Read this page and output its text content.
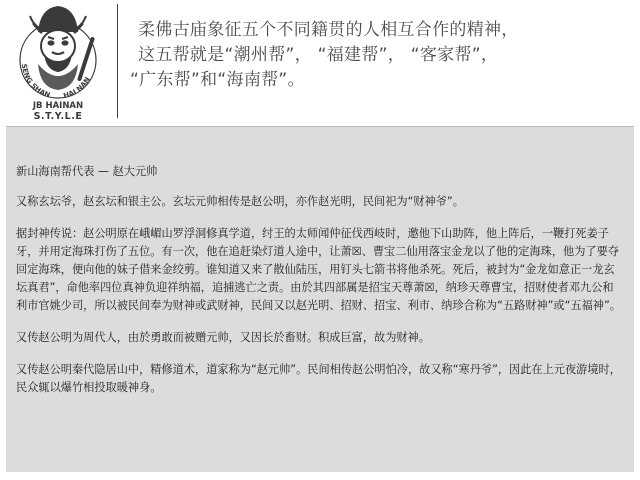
SENG SHAN HAI NAN
JB HAINAN
S.T.Y.L.E

柔佛古庙象征五个不同籍贯的人相互合作的精神，

这五帮就是“潮州帮”， “福建帮”， “客家帮”，

“广东帮”和“海南帮”。

新山海南帮代表 — 赵大元帅

又称玄坛爷，赵玄坛和银主公。玄坛元帅相传是赵公明，亦作赵光明，民间祀为“财神爷”。

据封神传说：赵公明原在峨嵋山罗浮洞修真学道，纣王的太师闻仲征伐西岐时，邀他下山助阵，他上阵后，一鞭打死姜子牙，并用定海珠打伤了五位。有一次，他在追赶染灯道人途中，让萧☒、曹宝二仙用落宝金龙以了他的定海珠，他为了要夺回定海珠，便向他的妹子借来金绞剪。谁知道又来了散仙陆压，用钉头七箭书将他杀死。死后，被封为“金龙如意正一龙玄坛真君”，命他率四位真神负迎祥纳福，追捕逃亡之责。由於其四部属是招宝天尊萧☒，纳珍天尊曹宝，招财使者邓九公和利市官姚少司，所以被民间奉为财神或武财神，民间又以赵光明、招财、招宝、利市、纳珍合称为“五路财神”或“五福神”。

又传赵公明为周代人，由於勇敢而被赠元帅，又因长於畜财。积成巨富，故为财神。

又传赵公明秦代隐居山中，精修道术，道家称为“赵元帅”。民间相传赵公明怕冷，故又称“寒丹爷”，因此在上元夜游境时，民众辄以爆竹相投取暖神身。
